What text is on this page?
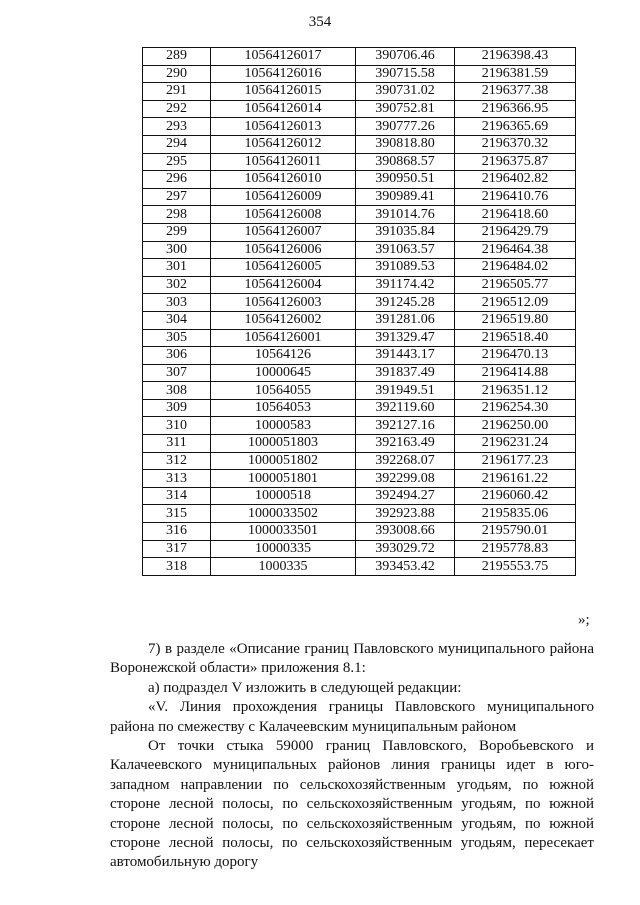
354
289	10564126017	390706.46	2196398.43
290	10564126016	390715.58	2196381.59
291	10564126015	390731.02	2196377.38
292	10564126014	390752.81	2196366.95
293	10564126013	390777.26	2196365.69
294	10564126012	390818.80	2196370.32
295	10564126011	390868.57	2196375.87
296	10564126010	390950.51	2196402.82
297	10564126009	390989.41	2196410.76
298	10564126008	391014.76	2196418.60
299	10564126007	391035.84	2196429.79
300	10564126006	391063.57	2196464.38
301	10564126005	391089.53	2196484.02
302	10564126004	391174.42	2196505.77
303	10564126003	391245.28	2196512.09
304	10564126002	391281.06	2196519.80
305	10564126001	391329.47	2196518.40
306	10564126	391443.17	2196470.13
307	10000645	391837.49	2196414.88
308	10564055	391949.51	2196351.12
309	10564053	392119.60	2196254.30
310	10000583	392127.16	2196250.00
311	1000051803	392163.49	2196231.24
312	1000051802	392268.07	2196177.23
313	1000051801	392299.08	2196161.22
314	10000518	392494.27	2196060.42
315	1000033502	392923.88	2195835.06
316	1000033501	393008.66	2195790.01
317	10000335	393029.72	2195778.83
318	1000335	393453.42	2195553.75
»;

7) в разделе «Описание границ Павловского муниципального района Воронежской области» приложения 8.1:

а) подраздел V изложить в следующей редакции:

«V. Линия прохождения границы Павловского муниципального района по смежеству с Калачеевским муниципальным районом

От точки стыка 59000 границ Павловского, Воробьевского и Калачеевского муниципальных районов линия границы идет в юго-западном направлении по сельскохозяйственным угодьям, по южной стороне лесной полосы, по сельскохозяйственным угодьям, по южной стороне лесной полосы, по сельскохозяйственным угодьям, по южной стороне лесной полосы, по сельскохозяйственным угодьям, пересекает автомобильную дорогу
